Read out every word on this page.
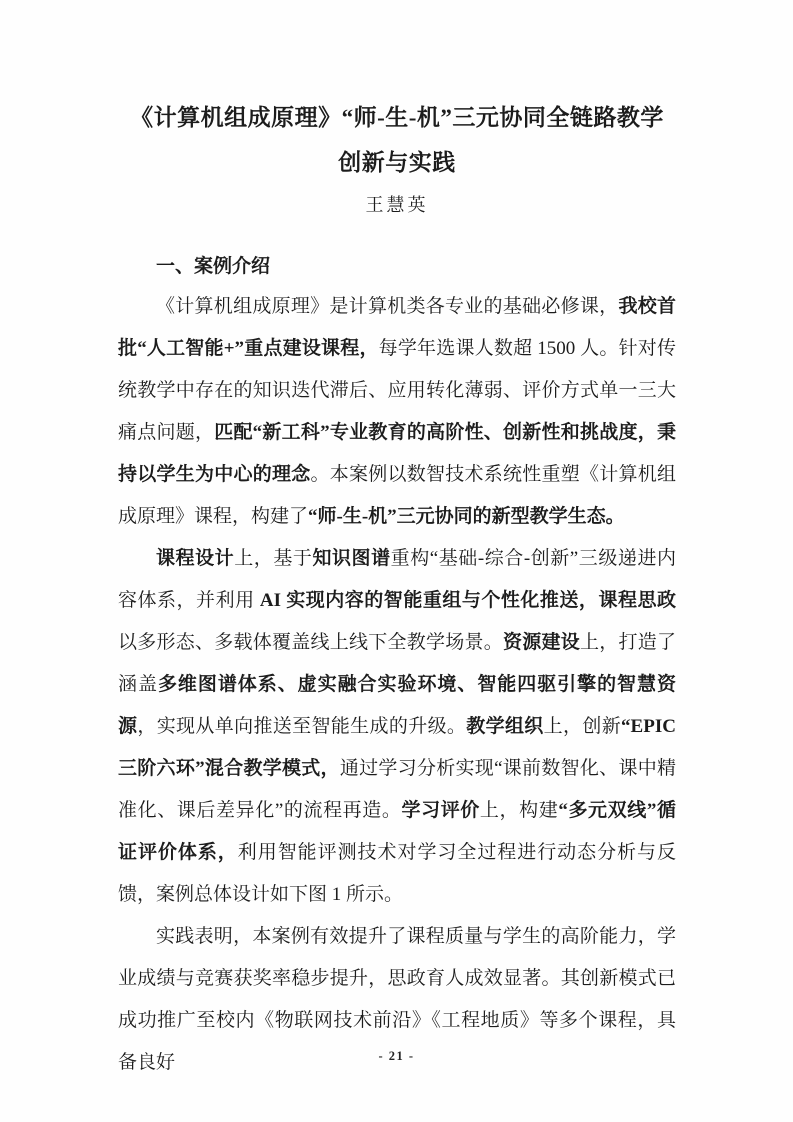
《计算机组成原理》“师-生-机”三元协同全链路教学
创新与实践
王慧英
一、案例介绍

《计算机组成原理》是计算机类各专业的基础必修课，我校首批“人工智能+”重点建设课程，每学年选课人数超 1500 人。针对传统教学中存在的知识迭代滞后、应用转化薄弱、评价方式单一三大痛点问题，匹配“新工科”专业教育的高阶性、创新性和挑战度，秉持以学生为中心的理念。本案例以数智技术系统性重塑《计算机组成原理》课程，构建了“师-生-机”三元协同的新型教学生态。

课程设计上，基于知识图谱重构“基础-综合-创新”三级递进内容体系，并利用 AI 实现内容的智能重组与个性化推送，课程思政以多形态、多载体覆盖线上线下全教学场景。资源建设上，打造了涵盖多维图谱体系、虚实融合实验环境、智能四驱引擎的智慧资源，实现从单向推送至智能生成的升级。教学组织上，创新“EPIC 三阶六环”混合教学模式，通过学习分析实现“课前数智化、课中精准化、课后差异化”的流程再造。学习评价上，构建“多元双线”循证评价体系，利用智能评测技术对学习全过程进行动态分析与反馈，案例总体设计如下图 1 所示。

实践表明，本案例有效提升了课程质量与学生的高阶能力，学业成绩与竞赛获奖率稳步提升，思政育人成效显著。其创新模式已成功推广至校内《物联网技术前沿》《工程地质》等多个课程，具备良好	- 21 -
